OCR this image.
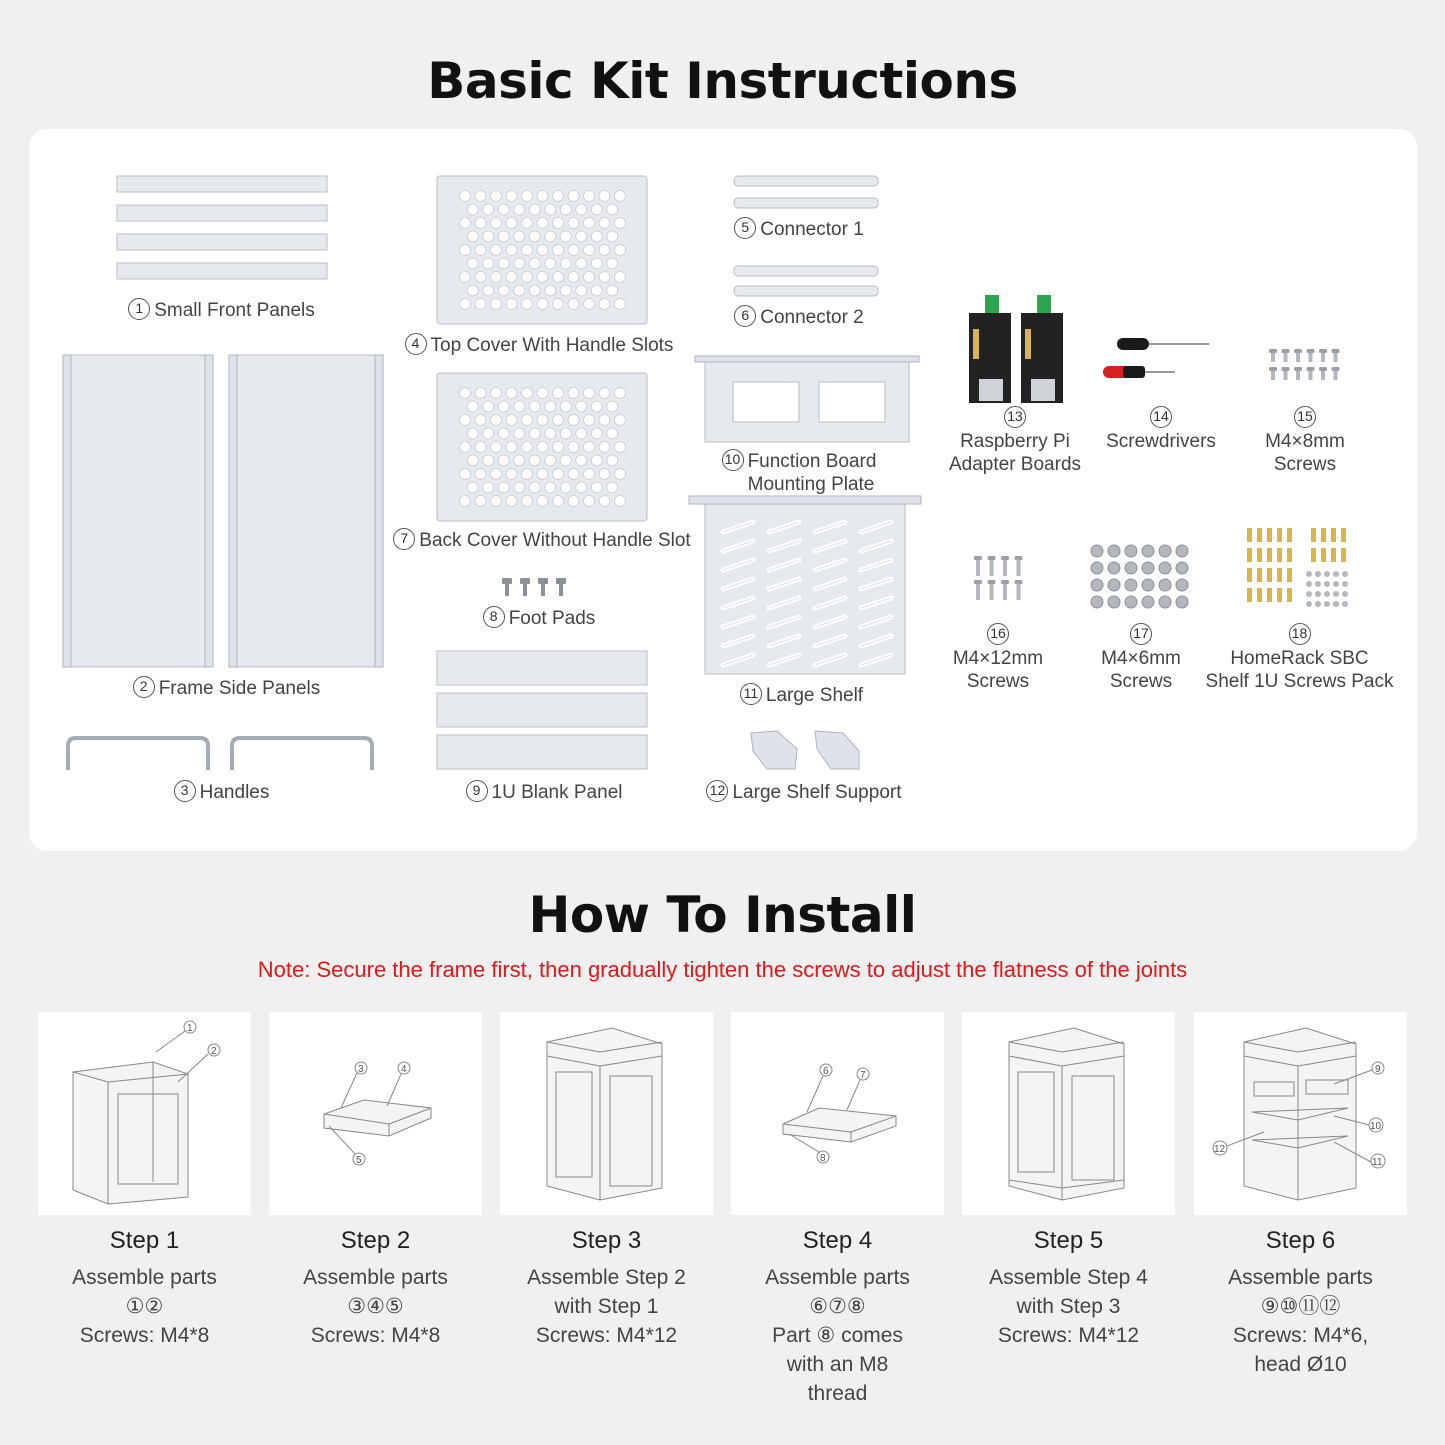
Basic Kit Instructions
1 Small Front Panels
2 Frame Side Panels
3 Handles
4 Top Cover With Handle Slots
7 Back Cover Without Handle Slot
8 Foot Pads
9 1U Blank Panel
5 Connector 1
6 Connector 2
10 Function Board
Mounting Plate
11 Large Shelf
12 Large Shelf Support
13
Raspberry Pi
Adapter Boards
14
Screwdrivers
15
M4×8mm
Screws
16
M4×12mm
Screws
17
M4×6mm
Screws
18
HomeRack SBC
Shelf 1U Screws Pack
How To Install
Note: Secure the frame first, then gradually tighten the screws to adjust the flatness of the joints
1
2
Step 1
Assemble parts
①②
Screws: M4*8
3	4
5
Step 2
Assemble parts
③④⑤
Screws: M4*8
Step 3
Assemble Step 2
with Step 1
Screws: M4*12
6	7
8
Step 4
Assemble parts
⑥⑦⑧
Part ⑧ comes
with an M8
thread
Step 5
Assemble Step 4
with Step 3
Screws: M4*12
9
10
11
12
Step 6
Assemble parts
⑨⑩⑪⑫
Screws: M4*6,
head Ø10
